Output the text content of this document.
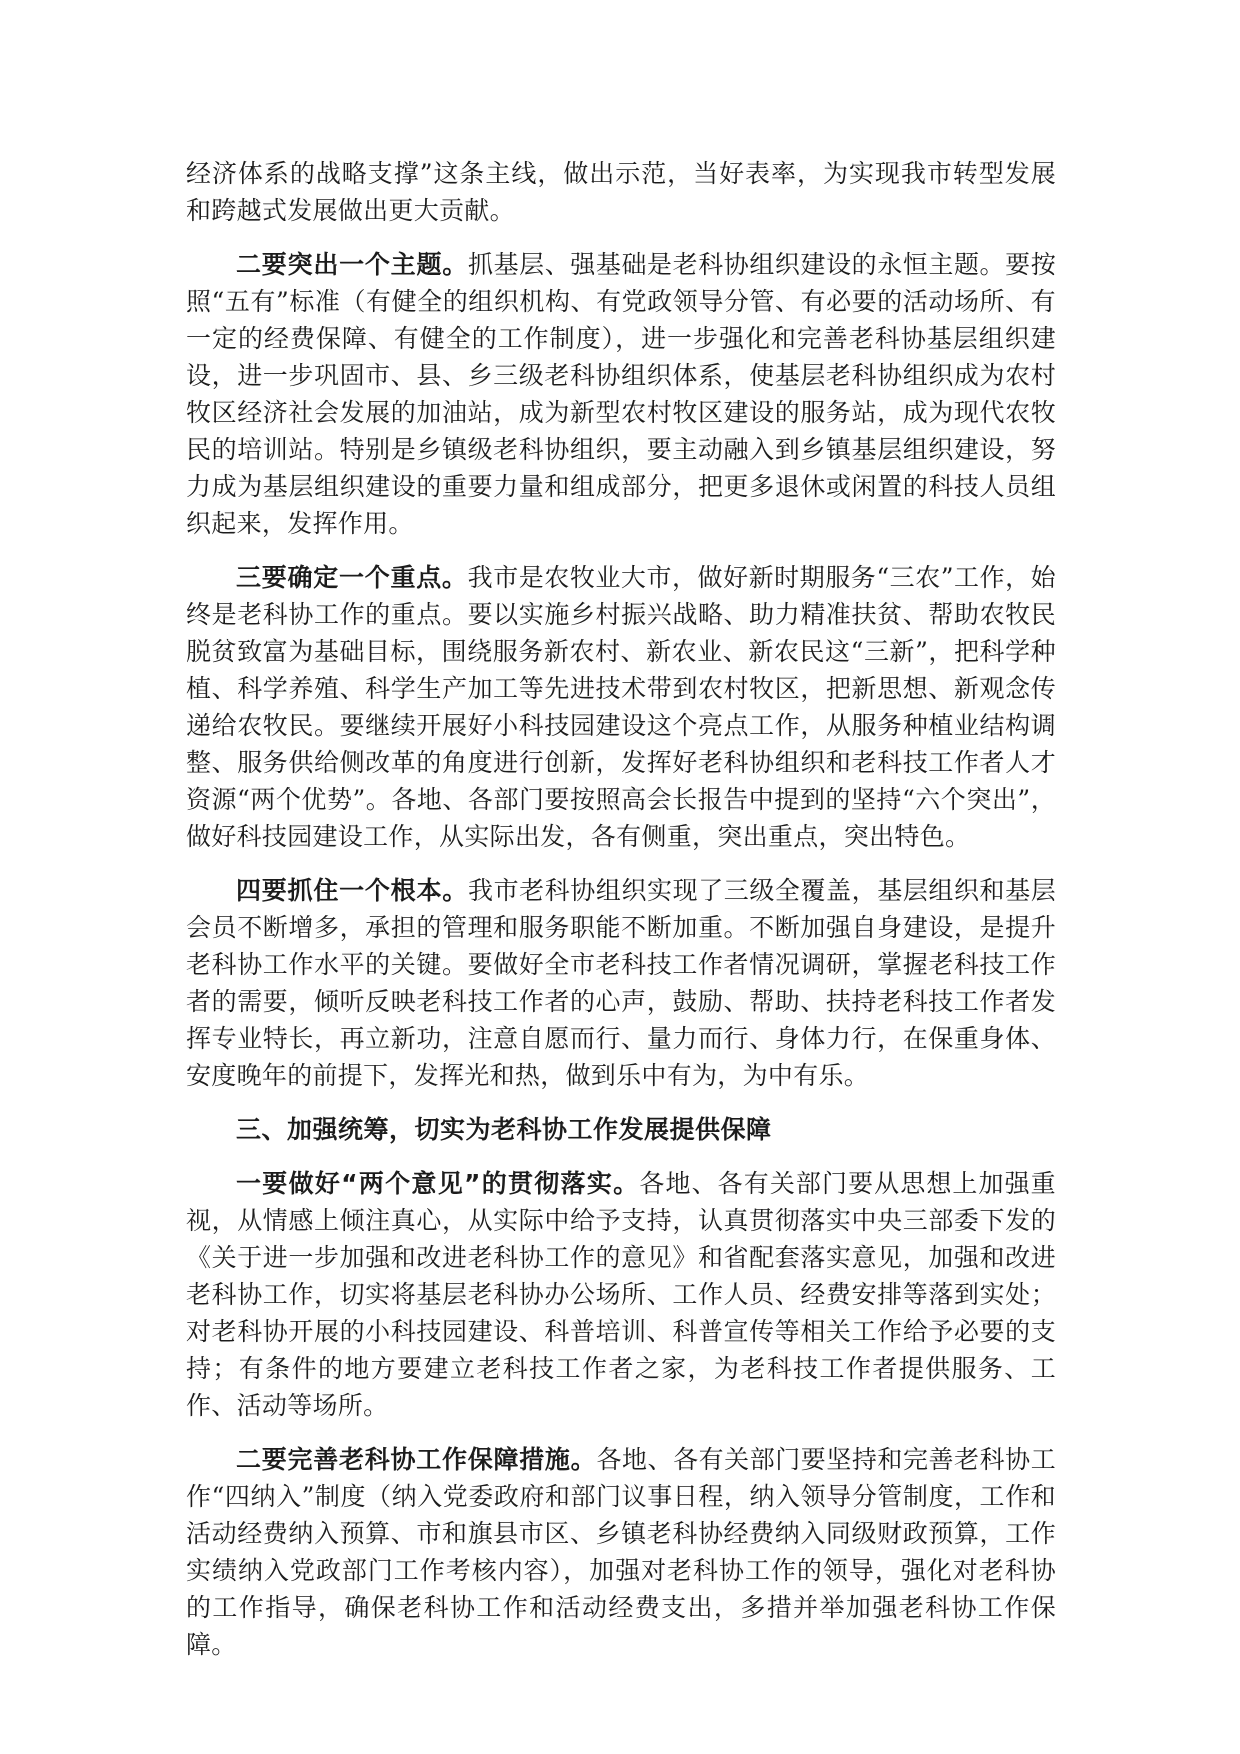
经济体系的战略支撑”这条主线，做出示范，当好表率，为实现我市转型发展和跨越式发展做出更大贡献。

二要突出一个主题。抓基层、强基础是老科协组织建设的永恒主题。要按照“五有”标准（有健全的组织机构、有党政领导分管、有必要的活动场所、有一定的经费保障、有健全的工作制度），进一步强化和完善老科协基层组织建设，进一步巩固市、县、乡三级老科协组织体系，使基层老科协组织成为农村牧区经济社会发展的加油站，成为新型农村牧区建设的服务站，成为现代农牧民的培训站。特别是乡镇级老科协组织，要主动融入到乡镇基层组织建设，努力成为基层组织建设的重要力量和组成部分，把更多退休或闲置的科技人员组织起来，发挥作用。

三要确定一个重点。我市是农牧业大市，做好新时期服务“三农”工作，始终是老科协工作的重点。要以实施乡村振兴战略、助力精准扶贫、帮助农牧民脱贫致富为基础目标，围绕服务新农村、新农业、新农民这“三新”，把科学种植、科学养殖、科学生产加工等先进技术带到农村牧区，把新思想、新观念传递给农牧民。要继续开展好小科技园建设这个亮点工作，从服务种植业结构调整、服务供给侧改革的角度进行创新，发挥好老科协组织和老科技工作者人才资源“两个优势”。各地、各部门要按照高会长报告中提到的坚持“六个突出”，做好科技园建设工作，从实际出发，各有侧重，突出重点，突出特色。

四要抓住一个根本。我市老科协组织实现了三级全覆盖，基层组织和基层会员不断增多，承担的管理和服务职能不断加重。不断加强自身建设，是提升老科协工作水平的关键。要做好全市老科技工作者情况调研，掌握老科技工作者的需要，倾听反映老科技工作者的心声，鼓励、帮助、扶持老科技工作者发挥专业特长，再立新功，注意自愿而行、量力而行、身体力行，在保重身体、安度晚年的前提下，发挥光和热，做到乐中有为，为中有乐。

三、加强统筹，切实为老科协工作发展提供保障

一要做好“两个意见”的贯彻落实。各地、各有关部门要从思想上加强重视，从情感上倾注真心，从实际中给予支持，认真贯彻落实中央三部委下发的《关于进一步加强和改进老科协工作的意见》和省配套落实意见，加强和改进老科协工作，切实将基层老科协办公场所、工作人员、经费安排等落到实处；对老科协开展的小科技园建设、科普培训、科普宣传等相关工作给予必要的支持；有条件的地方要建立老科技工作者之家，为老科技工作者提供服务、工作、活动等场所。

二要完善老科协工作保障措施。各地、各有关部门要坚持和完善老科协工作“四纳入”制度（纳入党委政府和部门议事日程，纳入领导分管制度，工作和活动经费纳入预算、市和旗县市区、乡镇老科协经费纳入同级财政预算，工作实绩纳入党政部门工作考核内容），加强对老科协工作的领导，强化对老科协的工作指导，确保老科协工作和活动经费支出，多措并举加强老科协工作保障。
